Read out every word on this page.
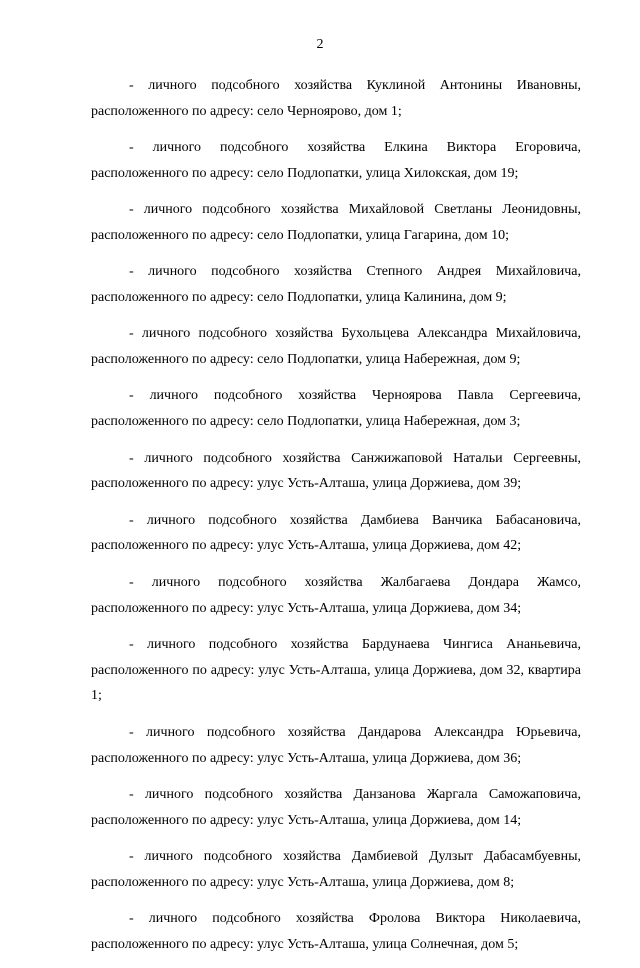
2

- личного подсобного хозяйства Куклиной Антонины Ивановны, расположенного по адресу: село Черноярово, дом 1;

- личного подсобного хозяйства Елкина Виктора Егоровича, расположенного по адресу: село Подлопатки, улица Хилокская, дом 19;

- личного подсобного хозяйства Михайловой Светланы Леонидовны, расположенного по адресу: село Подлопатки, улица Гагарина, дом 10;

- личного подсобного хозяйства Степного Андрея Михайловича, расположенного по адресу: село Подлопатки, улица Калинина, дом 9;

- личного подсобного хозяйства Бухольцева Александра Михайловича, расположенного по адресу: село Подлопатки, улица Набережная, дом 9;

- личного подсобного хозяйства Черноярова Павла Сергеевича, расположенного по адресу: село Подлопатки, улица Набережная, дом 3;

- личного подсобного хозяйства Санжижаповой Натальи Сергеевны, расположенного по адресу: улус Усть-Алташа, улица Доржиева, дом 39;

- личного подсобного хозяйства Дамбиева Ванчика Бабасановича, расположенного по адресу: улус Усть-Алташа, улица Доржиева, дом 42;

- личного подсобного хозяйства Жалбагаева Дондара Жамсо, расположенного по адресу: улус Усть-Алташа, улица Доржиева, дом 34;

- личного подсобного хозяйства Бардунаева Чингиса Ананьевича, расположенного по адресу: улус Усть-Алташа, улица Доржиева, дом 32, квартира 1;

- личного подсобного хозяйства Дандарова Александра Юрьевича, расположенного по адресу: улус Усть-Алташа, улица Доржиева, дом 36;

- личного подсобного хозяйства Данзанова Жаргала Саможаповича, расположенного по адресу: улус Усть-Алташа, улица Доржиева, дом 14;

- личного подсобного хозяйства Дамбиевой Дулзыт Дабасамбуевны, расположенного по адресу: улус Усть-Алташа, улица Доржиева, дом 8;

- личного подсобного хозяйства Фролова Виктора Николаевича, расположенного по адресу: улус Усть-Алташа, улица Солнечная, дом 5;
